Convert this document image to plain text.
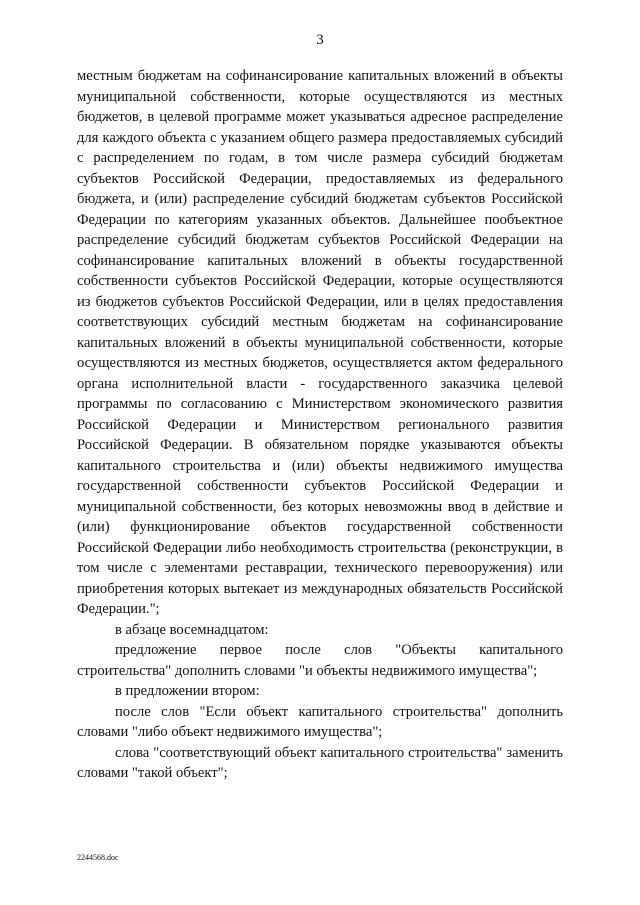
3

местным бюджетам на софинансирование капитальных вложений в объекты муниципальной собственности, которые осуществляются из местных бюджетов, в целевой программе может указываться адресное распределение для каждого объекта с указанием общего размера предоставляемых субсидий с распределением по годам, в том числе размера субсидий бюджетам субъектов Российской Федерации, предоставляемых из федерального бюджета, и (или) распределение субсидий бюджетам субъектов Российской Федерации по категориям указанных объектов. Дальнейшее пообъектное распределение субсидий бюджетам субъектов Российской Федерации на софинансирование капитальных вложений в объекты государственной собственности субъектов Российской Федерации, которые осуществляются из бюджетов субъектов Российской Федерации, или в целях предоставления соответствующих субсидий местным бюджетам на софинансирование капитальных вложений в объекты муниципальной собственности, которые осуществляются из местных бюджетов, осуществляется актом федерального органа исполнительной власти - государственного заказчика целевой программы по согласованию с Министерством экономического развития Российской Федерации и Министерством регионального развития Российской Федерации. В обязательном порядке указываются объекты капитального строительства и (или) объекты недвижимого имущества государственной собственности субъектов Российской Федерации и муниципальной собственности, без которых невозможны ввод в действие и (или) функционирование объектов государственной собственности Российской Федерации либо необходимость строительства (реконструкции, в том числе с элементами реставрации, технического перевооружения) или приобретения которых вытекает из международных обязательств Российской Федерации.";

в абзаце восемнадцатом:

предложение первое после слов "Объекты капитального строительства" дополнить словами "и объекты недвижимого имущества";

в предложении втором:

после слов "Если объект капитального строительства" дополнить словами "либо объект недвижимого имущества";

слова "соответствующий объект капитального строительства" заменить словами "такой объект";

2244568.doc
